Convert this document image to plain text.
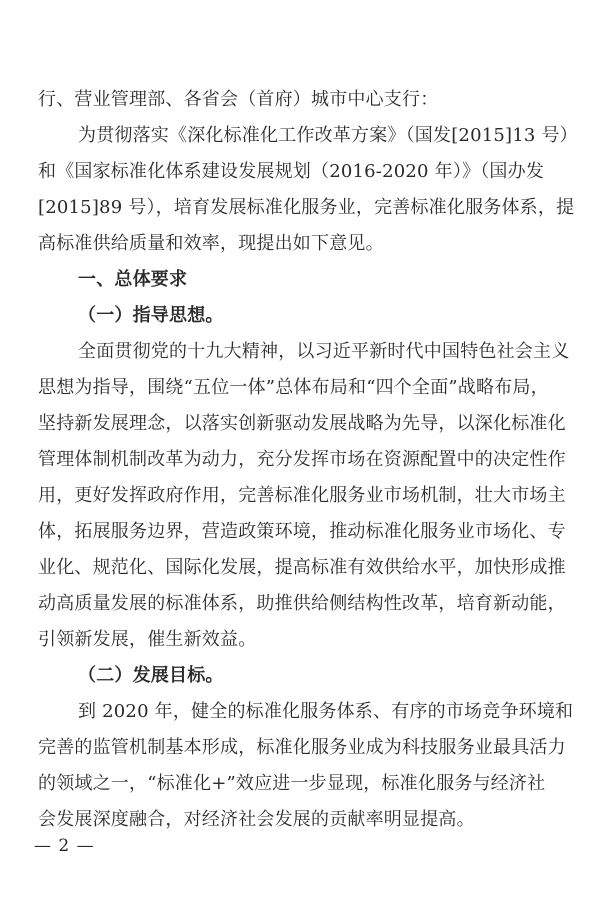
行、营业管理部、各省会（首府）城市中心支行：
为贯彻落实《深化标准化工作改革方案》（国发[2015]13 号）
和《国家标准化体系建设发展规划（2016-2020 年）》（国办发
[2015]89 号），培育发展标准化服务业，完善标准化服务体系，提
高标准供给质量和效率，现提出如下意见。
一、总体要求
（一）指导思想。
全面贯彻党的十九大精神，以习近平新时代中国特色社会主义
思想为指导，围绕“五位一体”总体布局和“四个全面”战略布局，
坚持新发展理念，以落实创新驱动发展战略为先导，以深化标准化
管理体制机制改革为动力，充分发挥市场在资源配置中的决定性作
用，更好发挥政府作用，完善标准化服务业市场机制，壮大市场主
体，拓展服务边界，营造政策环境，推动标准化服务业市场化、专
业化、规范化、国际化发展，提高标准有效供给水平，加快形成推
动高质量发展的标准体系，助推供给侧结构性改革，培育新动能，
引领新发展，催生新效益。
（二）发展目标。
到 2020 年，健全的标准化服务体系、有序的市场竞争环境和
完善的监管机制基本形成，标准化服务业成为科技服务业最具活力
的领域之一，“标准化+”效应进一步显现，标准化服务与经济社
会发展深度融合，对经济社会发展的贡献率明显提高。
— 2 —
